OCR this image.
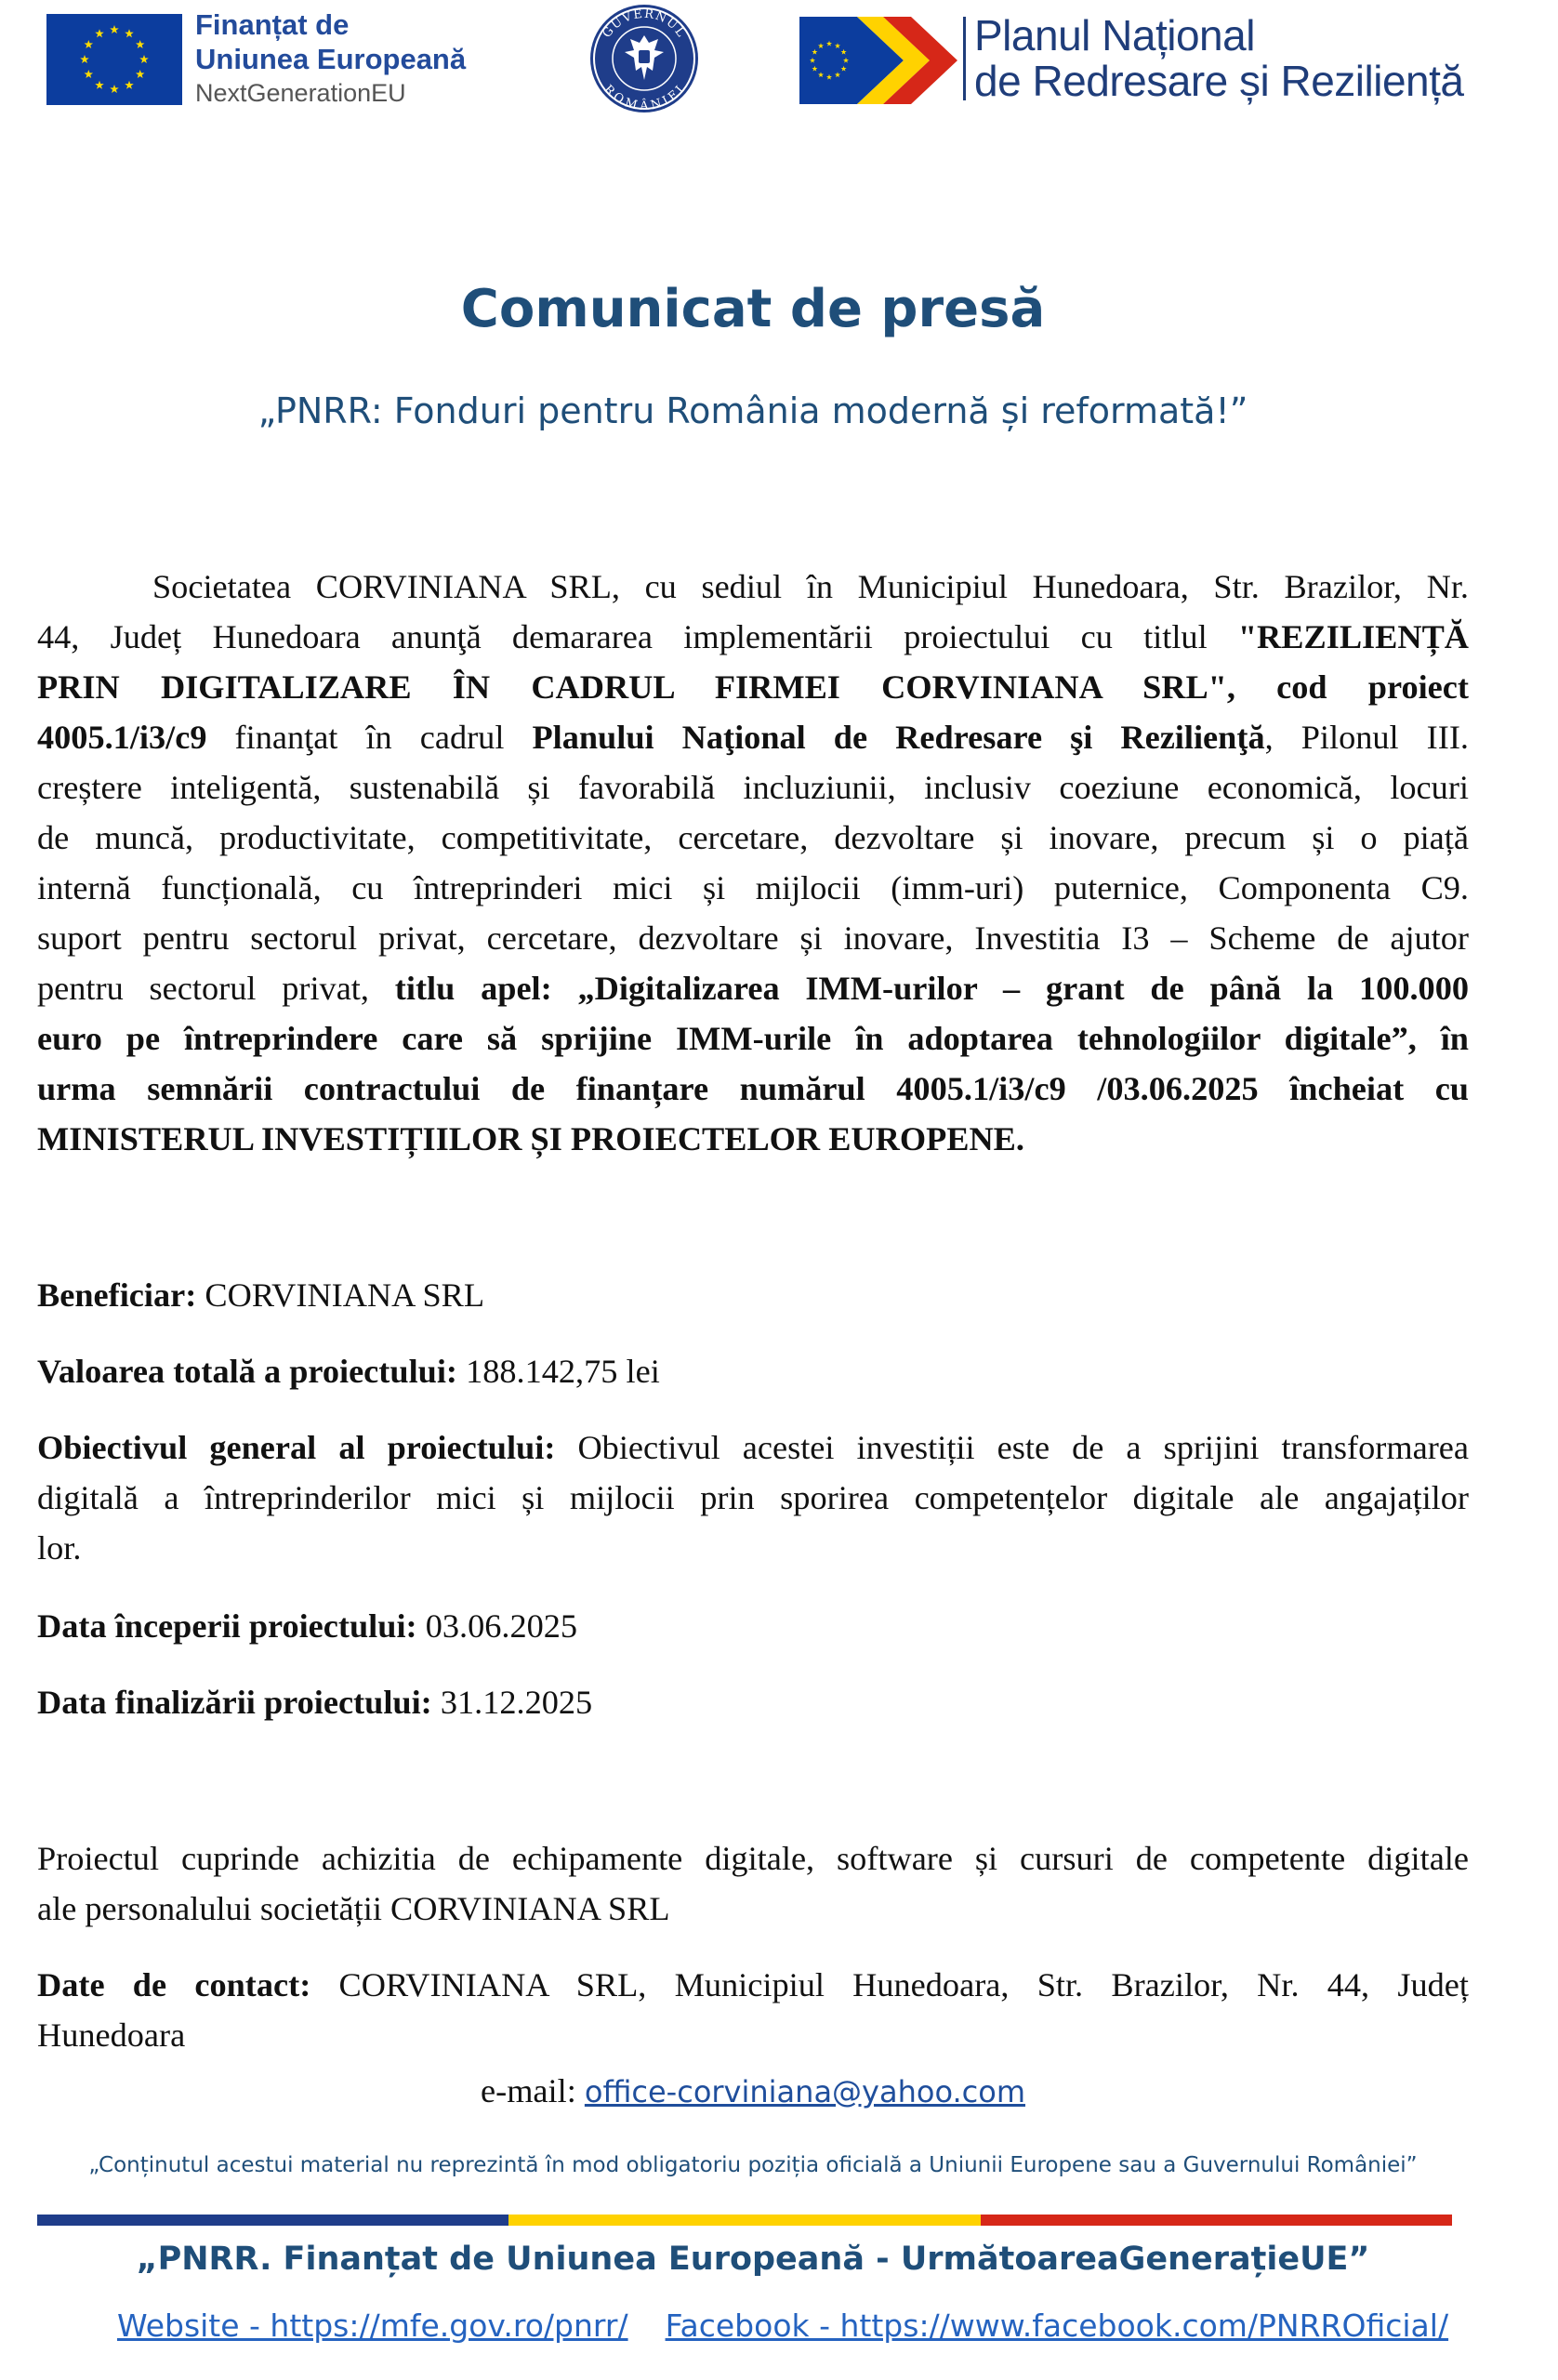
Finanțat de
Uniunea Europeană
NextGenerationEU
GUVERNUL
ROMÂNIEI
Planul Național
de Redresare și Reziliență
Comunicat de presă
„PNRR: Fonduri pentru România modernă și reformată!”
Societatea CORVINIANA SRL, cu sediul în Municipiul Hunedoara, Str. Brazilor, Nr.
44, Județ Hunedoara anunţă demararea implementării proiectului cu titlul "REZILIENȚĂ
PRIN DIGITALIZARE ÎN CADRUL FIRMEI CORVINIANA SRL", cod proiect
4005.1/i3/c9 finanţat în cadrul Planului Naţional de Redresare şi Rezilienţă, Pilonul III.
creștere inteligentă, sustenabilă și favorabilă incluziunii, inclusiv coeziune economică, locuri
de muncă, productivitate, competitivitate, cercetare, dezvoltare și inovare, precum și o piață
internă funcțională, cu întreprinderi mici și mijlocii (imm-uri) puternice, Componenta C9.
suport pentru sectorul privat, cercetare, dezvoltare și inovare, Investitia I3 – Scheme de ajutor
pentru sectorul privat, titlu apel: „Digitalizarea IMM-urilor – grant de până la 100.000
euro pe întreprindere care să sprijine IMM-urile în adoptarea tehnologiilor digitale”, în
urma semnării contractului de finanțare numărul 4005.1/i3/c9 /03.06.2025 încheiat cu
MINISTERUL INVESTIȚIILOR ȘI PROIECTELOR EUROPENE.
Beneficiar: CORVINIANA SRL
Valoarea totală a proiectului: 188.142,75 lei
Obiectivul general al proiectului: Obiectivul acestei investiții este de a sprijini transformarea
digitală a întreprinderilor mici și mijlocii prin sporirea competențelor digitale ale angajaților
lor.
Data începerii proiectului: 03.06.2025
Data finalizării proiectului: 31.12.2025
Proiectul cuprinde achizitia de echipamente digitale, software și cursuri de competente digitale
ale personalului societății CORVINIANA SRL
Date de contact: CORVINIANA SRL, Municipiul Hunedoara, Str. Brazilor, Nr. 44, Județ
Hunedoara
e-mail: office-corviniana@yahoo.com
„Conținutul acestui material nu reprezintă în mod obligatoriu poziția oficială a Uniunii Europene sau a Guvernului României”
„PNRR. Finanțat de Uniunea Europeană - UrmătoareaGenerațieUE”
Website - https://mfe.gov.ro/pnrr/ Facebook - https://www.facebook.com/PNRROficial/
